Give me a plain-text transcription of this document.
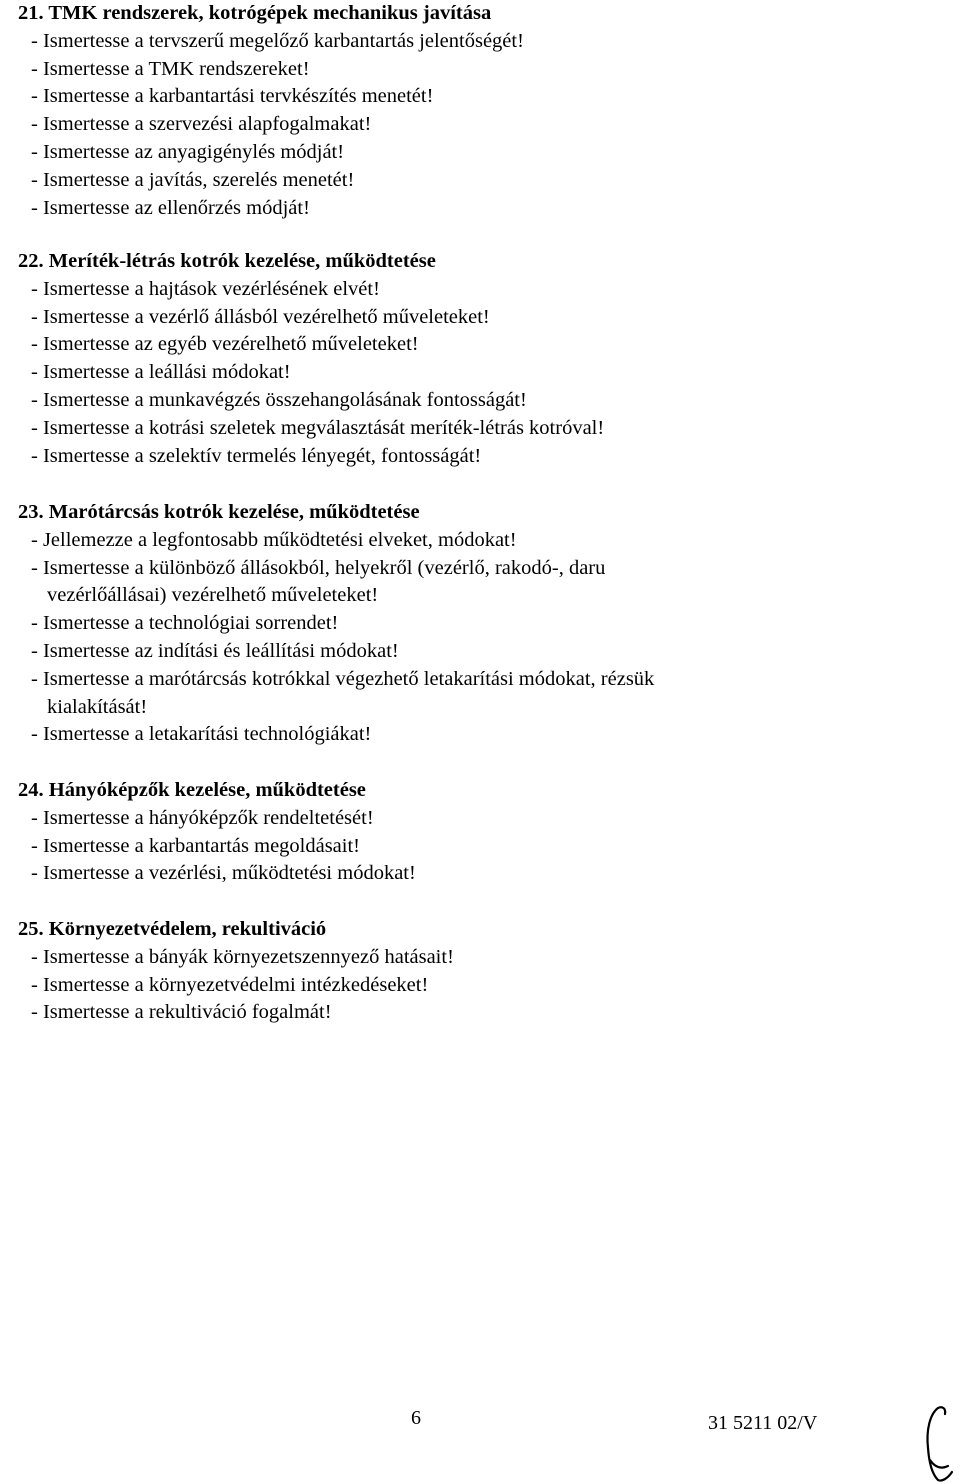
21. TMK rendszerek, kotrógépek mechanikus javítása

- Ismertesse a tervszerű megelőző karbantartás jelentőségét!

- Ismertesse a TMK rendszereket!

- Ismertesse a karbantartási tervkészítés menetét!

- Ismertesse a szervezési alapfogalmakat!

- Ismertesse az anyagigénylés módját!

- Ismertesse a javítás, szerelés menetét!

- Ismertesse az ellenőrzés módját!

22. Meríték-létrás kotrók kezelése, működtetése

- Ismertesse a hajtások vezérlésének elvét!

- Ismertesse a vezérlő állásból vezérelhető műveleteket!

- Ismertesse az egyéb vezérelhető műveleteket!

- Ismertesse a leállási módokat!

- Ismertesse a munkavégzés összehangolásának fontosságát!

- Ismertesse a kotrási szeletek megválasztását meríték-létrás kotróval!

- Ismertesse a szelektív termelés lényegét, fontosságát!

23. Marótárcsás kotrók kezelése, működtetése

- Jellemezze a legfontosabb működtetési elveket, módokat!

- Ismertesse a különböző állásokból, helyekről (vezérlő, rakodó-, daru

vezérlőállásai) vezérelhető műveleteket!

- Ismertesse a technológiai sorrendet!

- Ismertesse az indítási és leállítási módokat!

- Ismertesse a marótárcsás kotrókkal végezhető letakarítási módokat, rézsük

kialakítását!

- Ismertesse a letakarítási technológiákat!

24. Hányóképzők kezelése, működtetése

- Ismertesse a hányóképzők rendeltetését!

- Ismertesse a karbantartás megoldásait!

- Ismertesse a vezérlési, működtetési módokat!

25. Környezetvédelem, rekultiváció

- Ismertesse a bányák környezetszennyező hatásait!

- Ismertesse a környezetvédelmi intézkedéseket!

- Ismertesse a rekultiváció fogalmát!

6	31 5211 02/V
